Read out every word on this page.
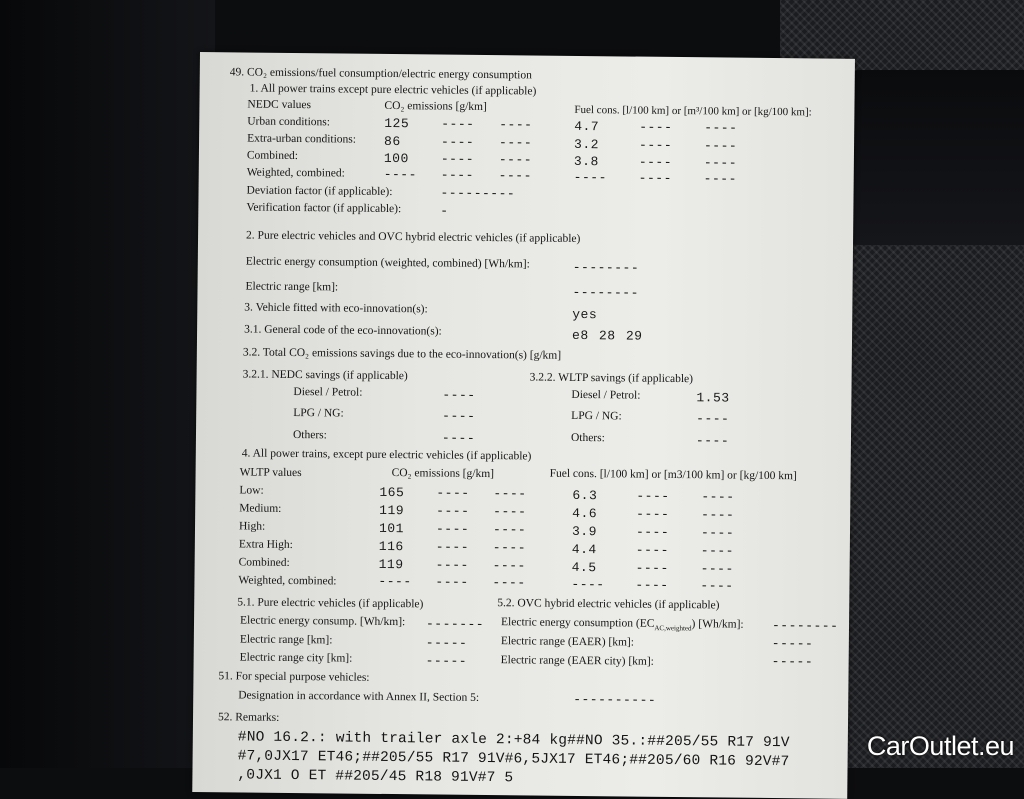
49. CO₂ emissions/fuel consumption/electric energy consumption
1. All power trains except pure electric vehicles (if applicable)
NEDC values	CO₂ emissions [g/km]	Fuel cons. [l/100 km] or [m³/100 km] or [kg/100 km]:
Urban conditions:	125 ---- ----	4.7	---- ----
Extra-urban conditions: 86	---- ----	3.2	---- ----
Combined:	100 ---- ----	3.8	---- ----
Weighted, combined:	---- ---- ----	---- ---- ----
Deviation factor (if applicable):	---------
Verification factor (if applicable):	-
2. Pure electric vehicles and OVC hybrid electric vehicles (if applicable)
Electric energy consumption (weighted, combined) [Wh/km]:	--------
Electric range [km]:	--------
3. Vehicle fitted with eco-innovation(s):	yes
3.1. General code of the eco-innovation(s):	e8 28 29
3.2. Total CO₂ emissions savings due to the eco-innovation(s) [g/km]
3.2.1. NEDC savings (if applicable)	3.2.2. WLTP savings (if applicable)
Diesel / Petrol:	----
LPG / NG:	----
Others:	----
Diesel / Petrol:	1.53
LPG / NG:	----
Others:	----
4. All power trains, except pure electric vehicles (if applicable)
WLTP values	CO₂ emissions [g/km]	Fuel cons. [l/100 km] or [m3/100 km] or [kg/100 km]
Low:	165 ---- ----	6.3	---- ----
Medium:	119 ---- ----	4.6	---- ----
High:	101 ---- ----	3.9	---- ----
Extra High:	116 ---- ----	4.4	---- ----
Combined:	119 ---- ----	4.5	---- ----
Weighted, combined:	---- ---- ----	---- ---- ----
5.1. Pure electric vehicles (if applicable)	5.2. OVC hybrid electric vehicles (if applicable)
Electric energy consump. [Wh/km]: -------
Electric range [km]:	-----
Electric range city [km]:	-----
Electric energy consumption $(EC_{AC,weighted})$ [Wh/km]: --------
Electric range (EAER) [km]:	-----
Electric range (EAER city) [km]:	-----
51. For special purpose vehicles:
Designation in accordance with Annex II, Section 5:	----------
52. Remarks:
#NO 16.2.: with trailer axle 2:+84 kg##NO 35.:##205/55 R17 91V
#7,0JX17 ET46;##205/55 R17 91V#6,5JX17 ET46;##205/60 R16 92V#7
,0JX1 O ET ##205/45 R18 91V#7 5
CarOutlet.eu
